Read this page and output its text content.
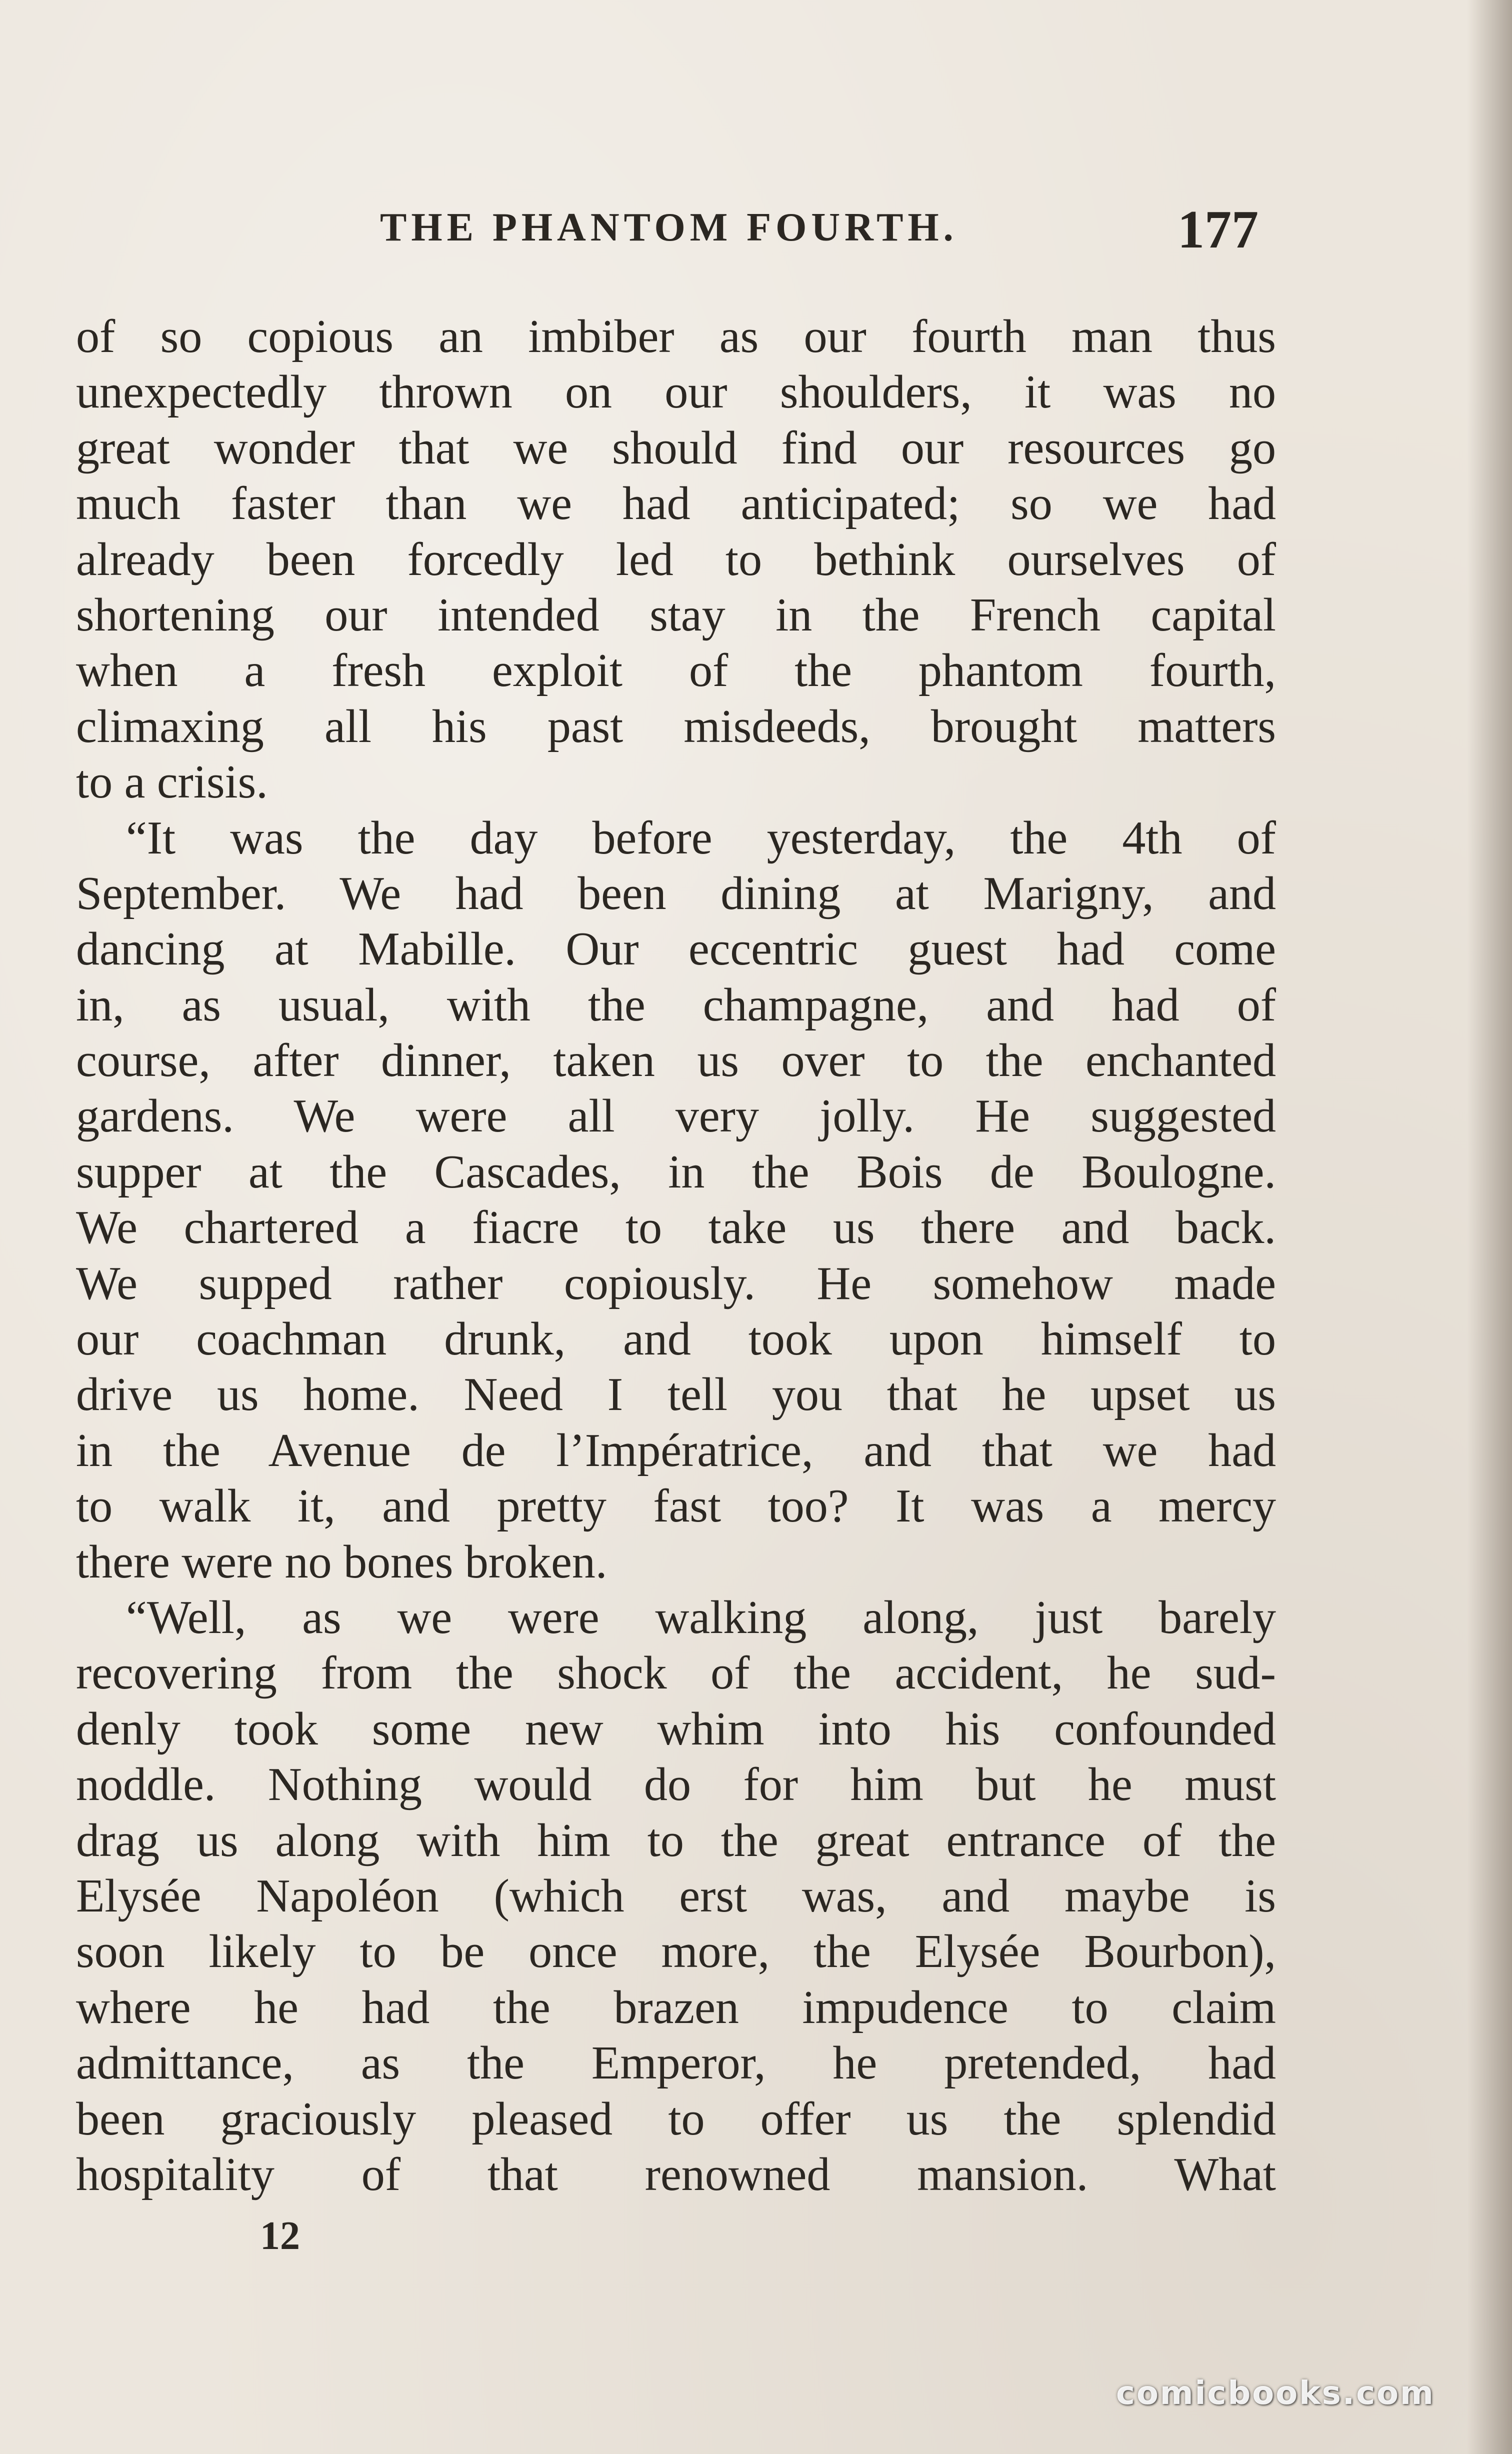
THE PHANTOM FOURTH.	177
of so copious an imbiber as our fourth man thus
unexpectedly thrown on our shoulders, it was no
great wonder that we should find our resources go
much faster than we had anticipated; so we had
already been forcedly led to bethink ourselves of
shortening our intended stay in the French capital
when a fresh exploit of the phantom fourth,
climaxing all his past misdeeds, brought matters
to a crisis.
“It was the day before yesterday, the 4th of
September. We had been dining at Marigny, and
dancing at Mabille. Our eccentric guest had come
in, as usual, with the champagne, and had of
course, after dinner, taken us over to the enchanted
gardens. We were all very jolly. He suggested
supper at the Cascades, in the Bois de Boulogne.
We chartered a fiacre to take us there and back.
We supped rather copiously. He somehow made
our coachman drunk, and took upon himself to
drive us home. Need I tell you that he upset us
in the Avenue de l’Impératrice, and that we had
to walk it, and pretty fast too? It was a mercy
there were no bones broken.
“Well, as we were walking along, just barely
recovering from the shock of the accident, he sud-
denly took some new whim into his confounded
noddle. Nothing would do for him but he must
drag us along with him to the great entrance of the
Elysée Napoléon (which erst was, and maybe is
soon likely to be once more, the Elysée Bourbon),
where he had the brazen impudence to claim
admittance, as the Emperor, he pretended, had
been graciously pleased to offer us the splendid
hospitality of that renowned mansion. What
12
comicbooks.com
